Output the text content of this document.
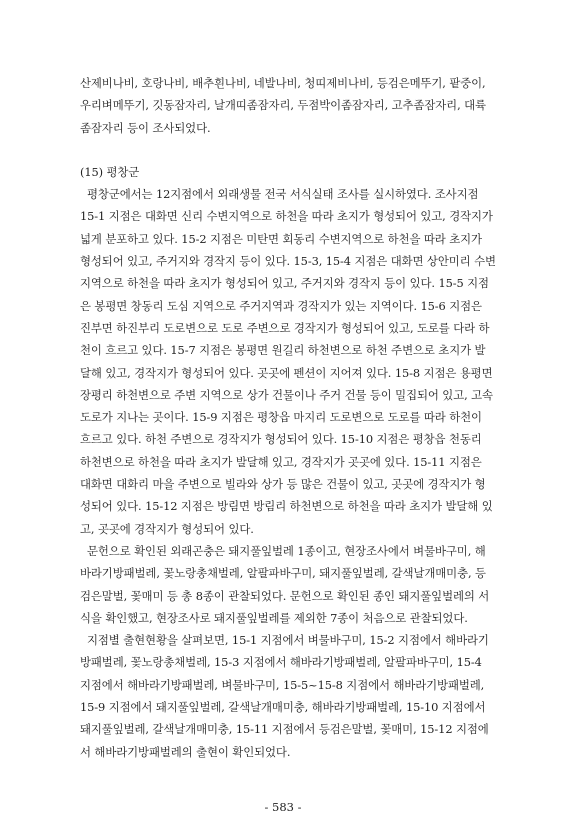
산제비나비, 호랑나비, 배추흰나비, 네발나비, 청띠제비나비, 등검은메뚜기, 팥중이, 우리벼메뚜기, 깃동잠자리, 날개띠좀잠자리, 두점박이좀잠자리, 고추좀잠자리, 대륙좀잠자리 등이 조사되었다.

(15) 평창군

평창군에서는 12지점에서 외래생물 전국 서식실태 조사를 실시하였다. 조사지점 15-1 지점은 대화면 신리 수변지역으로 하천을 따라 초지가 형성되어 있고, 경작지가 넓게 분포하고 있다. 15-2 지점은 미탄면 회동리 수변지역으로 하천을 따라 초지가 형성되어 있고, 주거지와 경작지 등이 있다. 15-3, 15-4 지점은 대화면 상안미리 수변지역으로 하천을 따라 초지가 형성되어 있고, 주거지와 경작지 등이 있다. 15-5 지점은 봉평면 창동리 도심 지역으로 주거지역과 경작지가 있는 지역이다. 15-6 지점은 진부면 하진부리 도로변으로 도로 주변으로 경작지가 형성되어 있고, 도로를 다라 하천이 흐르고 있다. 15-7 지점은 봉평면 원길리 하천변으로 하천 주변으로 초지가 발달해 있고, 경작지가 형성되어 있다. 곳곳에 펜션이 지어져 있다. 15-8 지점은 용평면 장평리 하천변으로 주변 지역으로 상가 건물이나 주거 건물 등이 밀집되어 있고, 고속도로가 지나는 곳이다. 15-9 지점은 평창읍 마지리 도로변으로 도로를 따라 하천이 흐르고 있다. 하천 주변으로 경작지가 형성되어 있다. 15-10 지점은 평창읍 천동리 하천변으로 하천을 따라 초지가 발달해 있고, 경작지가 곳곳에 있다. 15-11 지점은 대화면 대화리 마을 주변으로 빌라와 상가 등 많은 건물이 있고, 곳곳에 경작지가 형성되어 있다. 15-12 지점은 방림면 방림리 하천변으로 하천을 따라 초지가 발달해 있고, 곳곳에 경작지가 형성되어 있다.

문헌으로 확인된 외래곤충은 돼지풀잎벌레 1종이고, 현장조사에서 벼물바구미, 해바라기방패벌레, 꽃노랑총채벌레, 알팔파바구미, 돼지풀잎벌레, 갈색날개매미충, 등검은말벌, 꽃매미 등 총 8종이 관찰되었다. 문헌으로 확인된 종인 돼지풀잎벌레의 서식을 확인했고, 현장조사로 돼지풀잎벌레를 제외한 7종이 처음으로 관찰되었다.

지점별 출현현황을 살펴보면, 15-1 지점에서 벼물바구미, 15-2 지점에서 해바라기방패벌레, 꽃노랑총채벌레, 15-3 지점에서 해바라기방패벌레, 알팔파바구미, 15-4 지점에서 해바라기방패벌레, 벼물바구미, 15-5~15-8 지점에서 해바라기방패벌레, 15-9 지점에서 돼지풀잎벌레, 갈색날개매미충, 해바라기방패벌레, 15-10 지점에서 돼지풀잎벌레, 갈색날개매미충, 15-11 지점에서 등검은말벌, 꽃매미, 15-12 지점에서 해바라기방패벌레의 출현이 확인되었다.

- 583 -
